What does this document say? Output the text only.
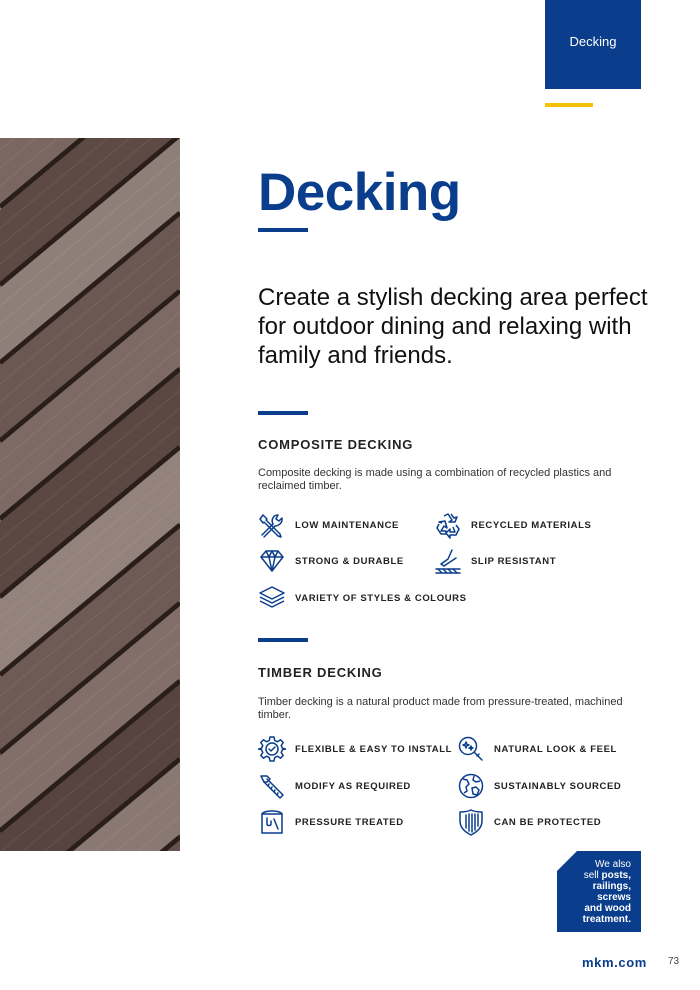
Decking
Decking
Create a stylish decking area perfect for outdoor dining and relaxing with family and friends.
COMPOSITE DECKING
Composite decking is made using a combination of recycled plastics and reclaimed timber.
LOW MAINTENANCE	RECYCLED MATERIALS
STRONG & DURABLE	SLIP RESISTANT
VARIETY OF STYLES & COLOURS
TIMBER DECKING
Timber decking is a natural product made from pressure-treated, machined timber.
FLEXIBLE & EASY TO INSTALL	NATURAL LOOK & FEEL
MODIFY AS REQUIRED	SUSTAINABLY SOURCED
PRESSURE TREATED	CAN BE PROTECTED
We also
sell posts,
railings,
screws
and wood
treatment.
mkm.com 73
